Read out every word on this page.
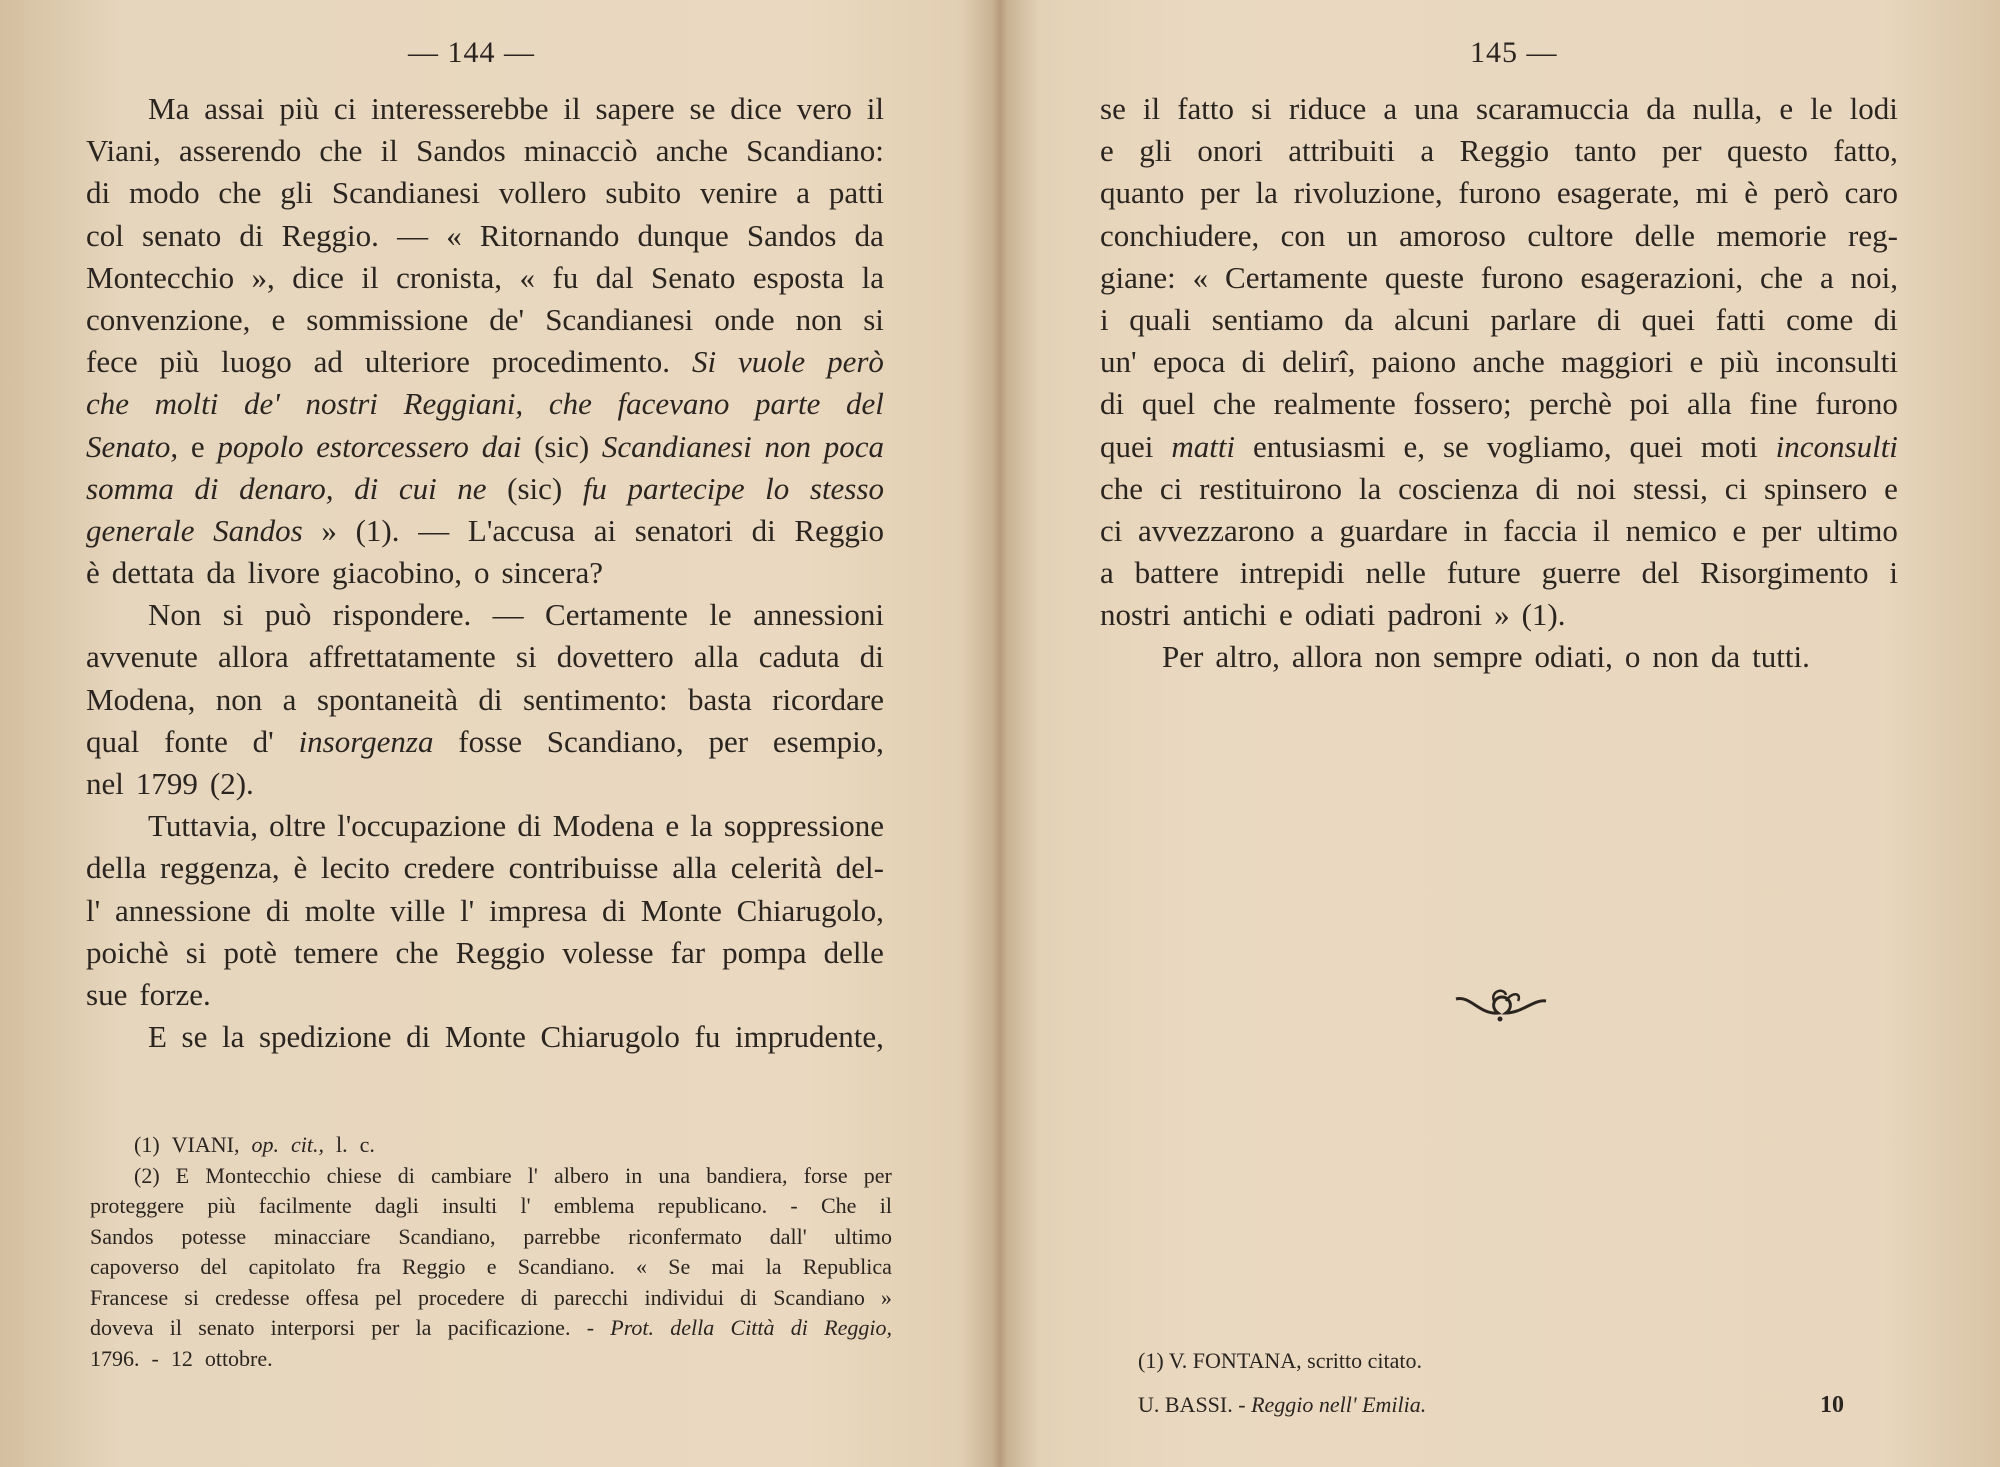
— 144 —
Ma assai più ci interesserebbe il sapere se dice vero il
Viani, asserendo che il Sandos minacciò anche Scandiano:
di modo che gli Scandianesi vollero subito venire a patti
col senato di Reggio. — « Ritornando dunque Sandos da
Montecchio », dice il cronista, « fu dal Senato esposta la
convenzione, e sommissione de' Scandianesi onde non si
fece più luogo ad ulteriore procedimento. Si vuole però
che molti de' nostri Reggiani, che facevano parte del
Senato, e popolo estorcessero dai (sic) Scandianesi non poca
somma di denaro, di cui ne (sic) fu partecipe lo stesso
generale Sandos » (1). — L'accusa ai senatori di Reggio
è dettata da livore giacobino, o sincera?
Non si può rispondere. — Certamente le annessioni
avvenute allora affrettatamente si dovettero alla caduta di
Modena, non a spontaneità di sentimento: basta ricordare
qual fonte d' insorgenza fosse Scandiano, per esempio,
nel 1799 (2).
Tuttavia, oltre l'occupazione di Modena e la soppressione
della reggenza, è lecito credere contribuisse alla celerità del-
l' annessione di molte ville l' impresa di Monte Chiarugolo,
poichè si potè temere che Reggio volesse far pompa delle
sue forze.
E se la spedizione di Monte Chiarugolo fu imprudente,
(1) VIANI, op. cit., l. c.
(2) E Montecchio chiese di cambiare l' albero in una bandiera, forse per
proteggere più facilmente dagli insulti l' emblema republicano. - Che il
Sandos potesse minacciare Scandiano, parrebbe riconfermato dall' ultimo
capoverso del capitolato fra Reggio e Scandiano. « Se mai la Republica
Francese si credesse offesa pel procedere di parecchi individui di Scandiano »
doveva il senato interporsi per la pacificazione. - Prot. della Città di Reggio,
1796. - 12 ottobre.
145 —
se il fatto si riduce a una scaramuccia da nulla, e le lodi
e gli onori attribuiti a Reggio tanto per questo fatto,
quanto per la rivoluzione, furono esagerate, mi è però caro
conchiudere, con un amoroso cultore delle memorie reg-
giane: « Certamente queste furono esagerazioni, che a noi,
i quali sentiamo da alcuni parlare di quei fatti come di
un' epoca di delirî, paiono anche maggiori e più inconsulti
di quel che realmente fossero; perchè poi alla fine furono
quei matti entusiasmi e, se vogliamo, quei moti inconsulti
che ci restituirono la coscienza di noi stessi, ci spinsero e
ci avvezzarono a guardare in faccia il nemico e per ultimo
a battere intrepidi nelle future guerre del Risorgimento i
nostri antichi e odiati padroni » (1).
Per altro, allora non sempre odiati, o non da tutti.
(1) V. FONTANA, scritto citato.
U. BASSI. - Reggio nell' Emilia.	10
